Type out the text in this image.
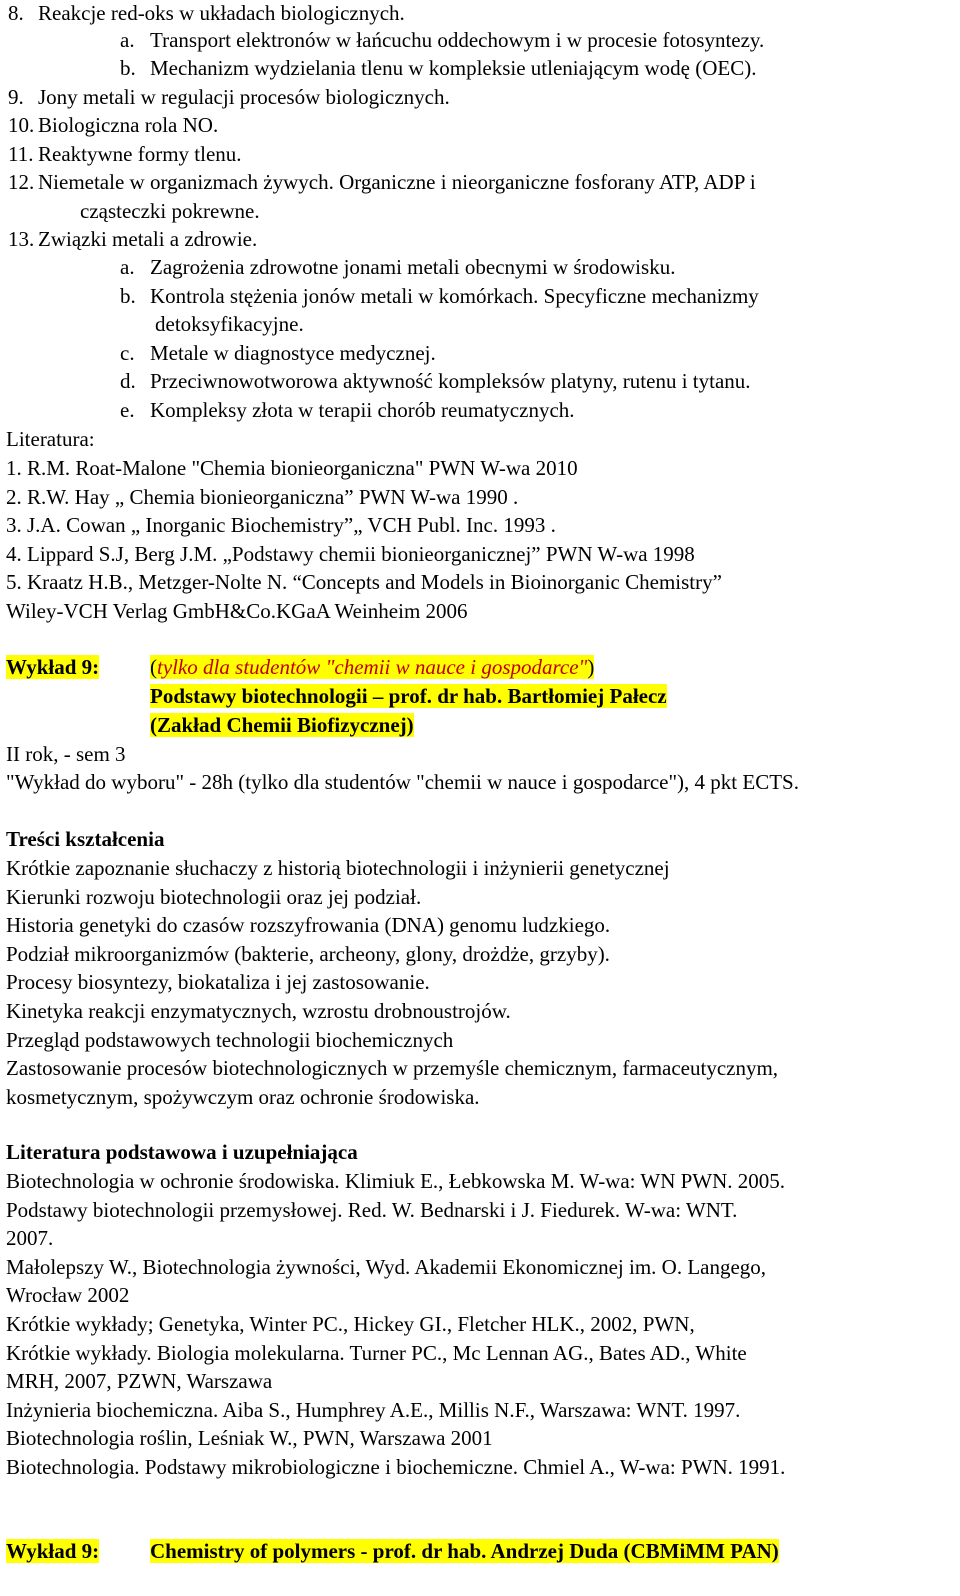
8. Reakcje red-oks w układach biologicznych.
a. Transport elektronów w łańcuchu oddechowym i w procesie fotosyntezy.
b. Mechanizm wydzielania tlenu w kompleksie utleniającym wodę (OEC).
9. Jony metali w regulacji procesów biologicznych.
10. Biologiczna rola NO.
11. Reaktywne formy tlenu.
12. Niemetale w organizmach żywych. Organiczne i nieorganiczne fosforany ATP, ADP i
cząsteczki pokrewne.
13. Związki metali a zdrowie.
a. Zagrożenia zdrowotne jonami metali obecnymi w środowisku.
b. Kontrola stężenia jonów metali w komórkach. Specyficzne mechanizmy
detoksyfikacyjne.
c. Metale w diagnostyce medycznej.
d. Przeciwnowotworowa aktywność kompleksów platyny, rutenu i tytanu.
e. Kompleksy złota w terapii chorób reumatycznych.
Literatura:
1. R.M. Roat-Malone "Chemia bionieorganiczna" PWN W-wa 2010
2. R.W. Hay „ Chemia bionieorganiczna” PWN W-wa 1990 .
3. J.A. Cowan „ Inorganic Biochemistry”„ VCH Publ. Inc. 1993 .
4. Lippard S.J, Berg J.M. „Podstawy chemii bionieorganicznej” PWN W-wa 1998
5. Kraatz H.B., Metzger-Nolte N. “Concepts and Models in Bioinorganic Chemistry”
Wiley-VCH Verlag GmbH&Co.KGaA Weinheim 2006
Krótkie zapoznanie słuchaczy z historią biotechnologii i inżynierii genetycznej
Kierunki rozwoju biotechnologii oraz jej podział.
Historia genetyki do czasów rozszyfrowania (DNA) genomu ludzkiego.
Podział mikroorganizmów (bakterie, archeony, glony, drożdże, grzyby).
Procesy biosyntezy, biokataliza i jej zastosowanie.
Kinetyka reakcji enzymatycznych, wzrostu drobnoustrojów.
Przegląd podstawowych technologii biochemicznych
Zastosowanie procesów biotechnologicznych w przemyśle chemicznym, farmaceutycznym,
kosmetycznym, spożywczym oraz ochronie środowiska.
Biotechnologia w ochronie środowiska. Klimiuk E., Łebkowska M. W-wa: WN PWN. 2005.
Podstawy biotechnologii przemysłowej. Red. W. Bednarski i J. Fiedurek. W-wa: WNT.
2007.
Małolepszy W., Biotechnologia żywności, Wyd. Akademii Ekonomicznej im. O. Langego,
Wrocław 2002
Krótkie wykłady; Genetyka, Winter PC., Hickey GI., Fletcher HLK., 2002, PWN,
Krótkie wykłady. Biologia molekularna. Turner PC., Mc Lennan AG., Bates AD., White
MRH, 2007, PZWN, Warszawa
Inżynieria biochemiczna. Aiba S., Humphrey A.E., Millis N.F., Warszawa: WNT. 1997.
Biotechnologia roślin, Leśniak W., PWN, Warszawa 2001
Biotechnologia. Podstawy mikrobiologiczne i biochemiczne. Chmiel A., W-wa: PWN. 1991.
Wykład 9: (tylko dla studentów "chemii w nauce i gospodarce")
Podstawy biotechnologii – prof. dr hab. Bartłomiej Pałecz
(Zakład Chemii Biofizycznej)
II rok, - sem 3
"Wykład do wyboru" - 28h (tylko dla studentów "chemii w nauce i gospodarce"), 4 pkt ECTS.
Treści kształcenia
Literatura podstawowa i uzupełniająca
Wykład 9: Chemistry of polymers - prof. dr hab. Andrzej Duda (CBMiMM PAN)
